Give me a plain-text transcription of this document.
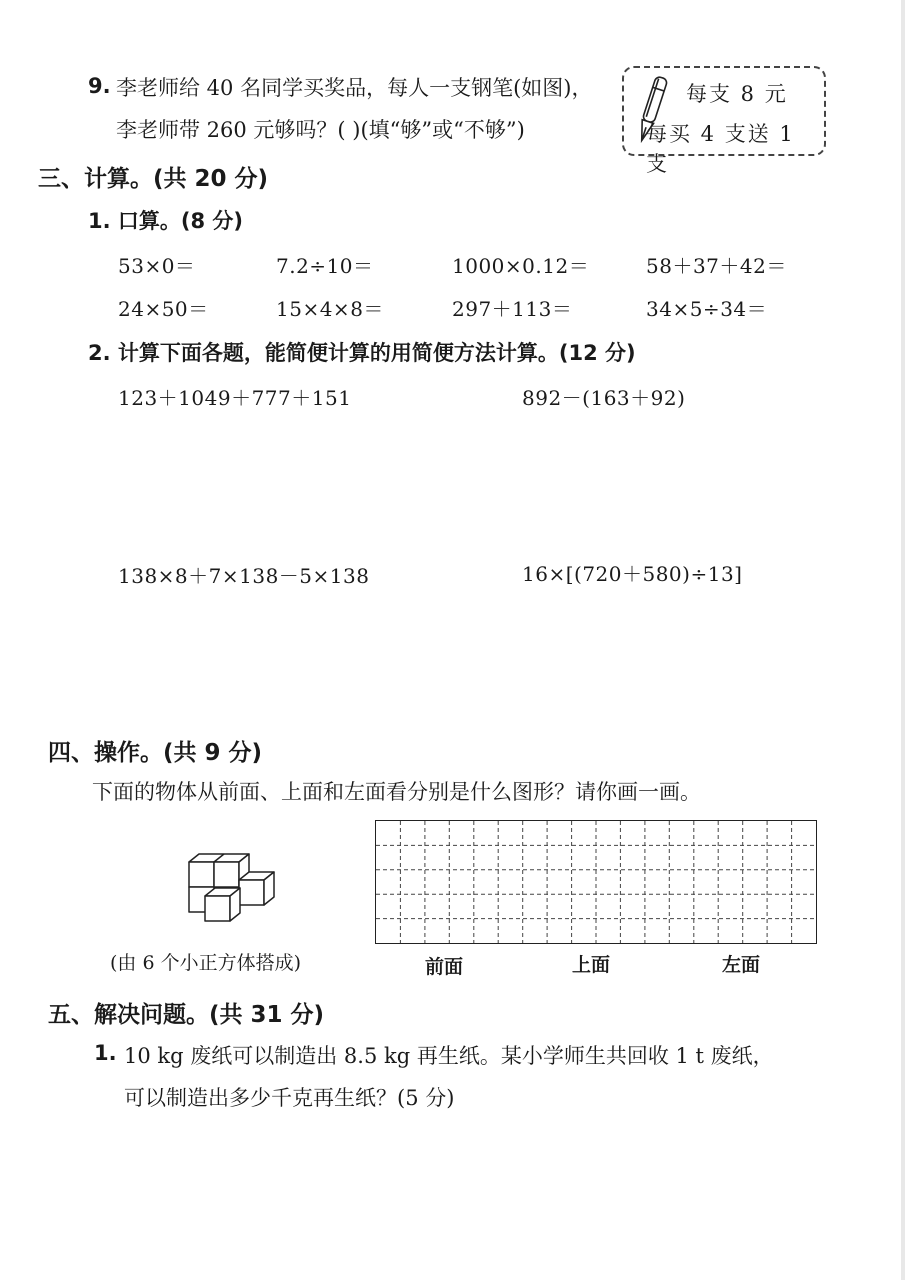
9. 李老师给 40 名同学买奖品，每人一支钢笔(如图)，
李老师带 260 元够吗？( )(填“够”或“不够”)
每支 8 元
每买 4 支送 1 支
三、计算。(共 20 分)
1. 口算。(8 分)
53×0＝	7.2÷10＝	1000×0.12＝	58＋37＋42＝
24×50＝	15×4×8＝	297＋113＝	34×5÷34＝
2. 计算下面各题，能简便计算的用简便方法计算。(12 分)
123＋1049＋777＋151	892－(163＋92)
138×8＋7×138－5×138	16×[(720＋580)÷13]
四、操作。(共 9 分)
下面的物体从前面、上面和左面看分别是什么图形？请你画一画。
(由 6 个小正方体搭成)	前面	上面	左面
五、解决问题。(共 31 分)
1. 10 kg 废纸可以制造出 8.5 kg 再生纸。某小学师生共回收 1 t 废纸，
可以制造出多少千克再生纸？(5 分)
